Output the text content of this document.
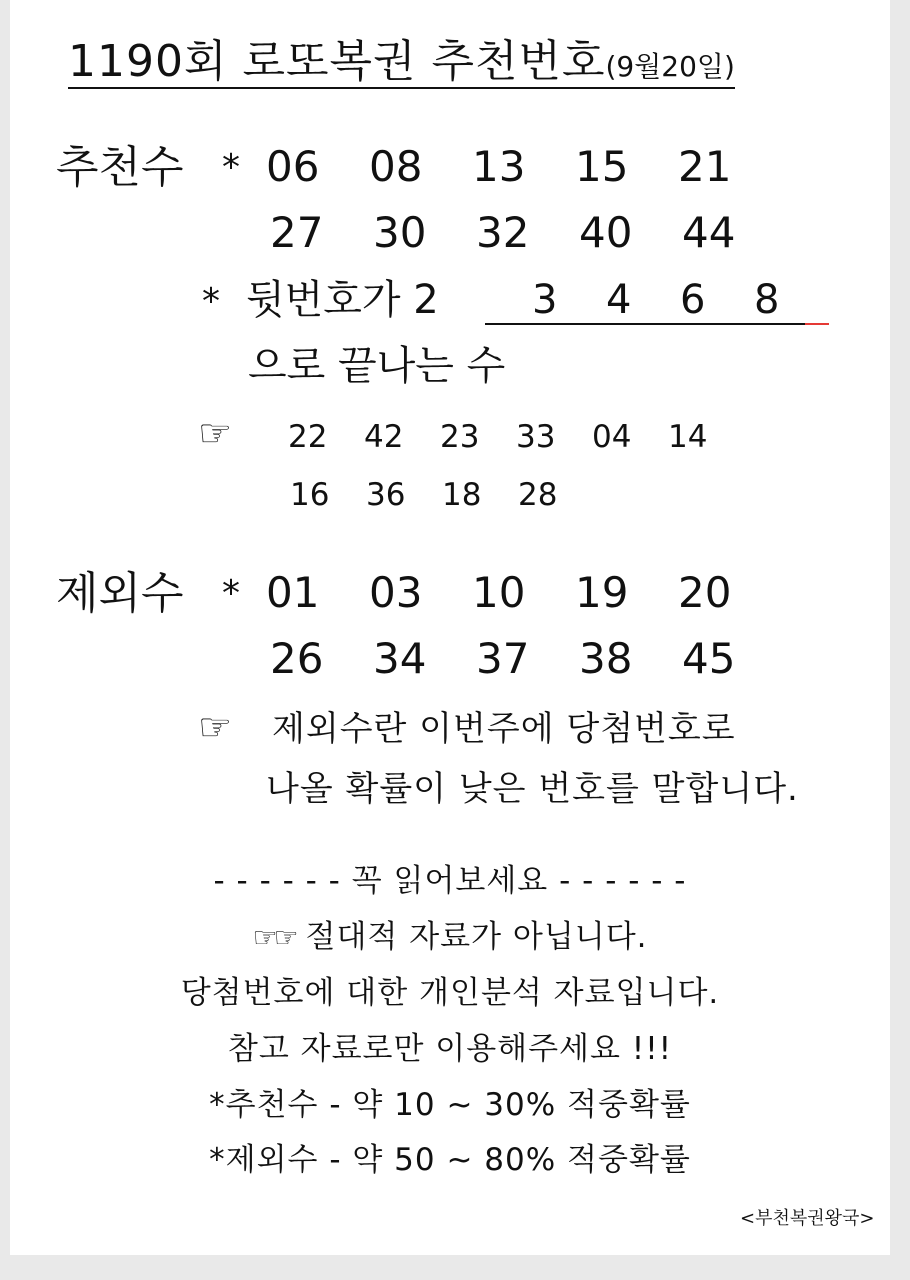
1190회 로또복권 추천번호(9월20일)
추천수 * 06	08	13	15	21
27	30	32	40	44
* 뒷번호가 2 3	4	6	8
으로 끝나는 수
☞ 22	42	23	33	04	14
16	36	18	28
제외수 * 01	03	10	19	20
26	34	37	38	45
☞ 제외수란 이번주에 당첨번호로
나올 확률이 낮은 번호를 말합니다.
- - - - - - 꼭 읽어보세요 - - - - - -
☞☞ 절대적 자료가 아닙니다.
당첨번호에 대한 개인분석 자료입니다.
참고 자료로만 이용해주세요 !!!
*추천수 - 약 10 ~ 30% 적중확률
*제외수 - 약 50 ~ 80% 적중확률
<부천복권왕국>
